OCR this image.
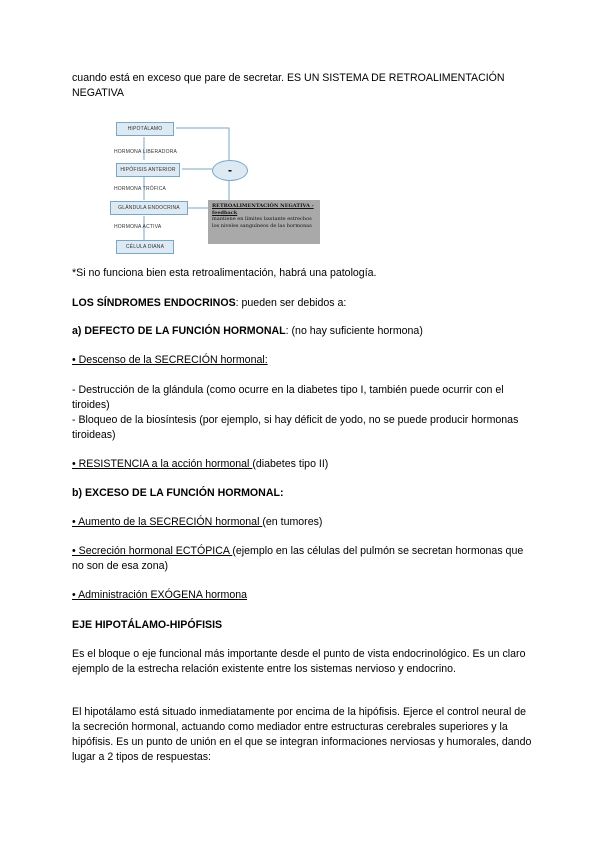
cuando está en exceso que pare de secretar. ES UN SISTEMA DE RETROALIMENTACIÓN NEGATIVA
HIPOTÁLAMO
HORMONA LIBERADORA
HIPÓFISIS ANTERIOR
HORMONA TRÓFICA
GLÁNDULA ENDOCRINA
HORMONA ACTIVA
CÉLULA DIANA
-
RETROALIMENTACIÓN NEGATIVA - feedback
mantiene en límites bastante estrechos los niveles sanguíneos de las hormonas
*Si no funciona bien esta retroalimentación, habrá una patología.
LOS SÍNDROMES ENDOCRINOS: pueden ser debidos a:
a) DEFECTO DE LA FUNCIÓN HORMONAL: (no hay suficiente hormona)
• Descenso de la SECRECIÓN hormonal:
- Destrucción de la glándula (como ocurre en la diabetes tipo I, también puede ocurrir con el tiroides)
- Bloqueo de la biosíntesis (por ejemplo, si hay déficit de yodo, no se puede producir hormonas tiroideas)
• RESISTENCIA a la acción hormonal (diabetes tipo II)
b) EXCESO DE LA FUNCIÓN HORMONAL:
• Aumento de la SECRECIÓN hormonal (en tumores)
• Secreción hormonal ECTÓPICA (ejemplo en las células del pulmón se secretan hormonas que no son de esa zona)
• Administración EXÓGENA hormona
EJE HIPOTÁLAMO-HIPÓFISIS
Es el bloque o eje funcional más importante desde el punto de vista endocrinológico. Es un claro ejemplo de la estrecha relación existente entre los sistemas nervioso y endocrino.
El hipotálamo está situado inmediatamente por encima de la hipófisis. Ejerce el control neural de la secreción hormonal, actuando como mediador entre estructuras cerebrales superiores y la hipófisis. Es un punto de unión en el que se integran informaciones nerviosas y humorales, dando lugar a 2 tipos de respuestas:
